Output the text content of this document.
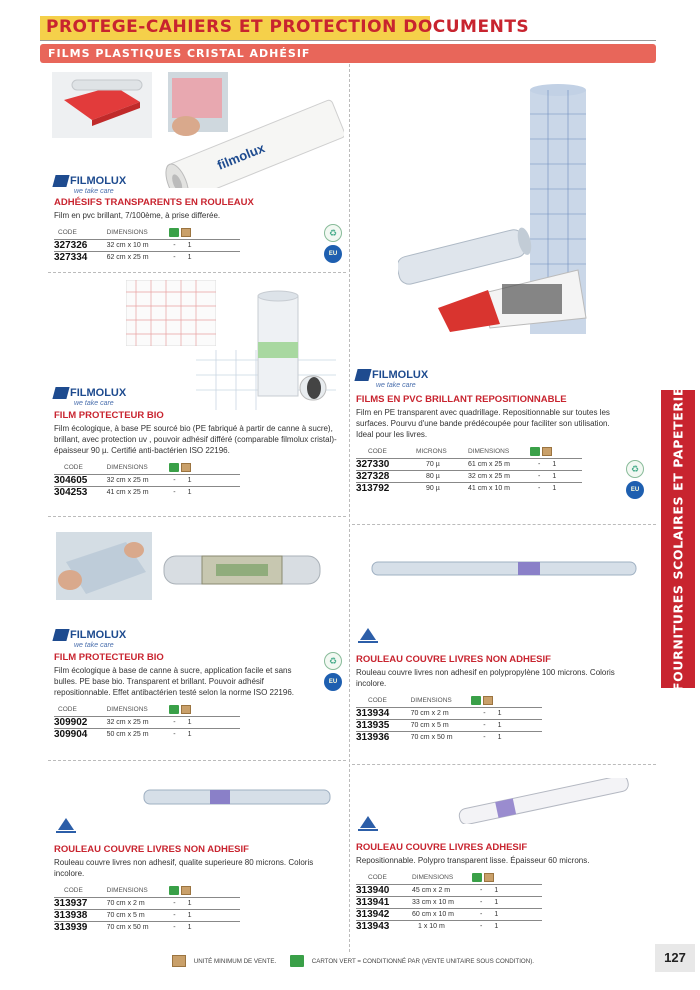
PROTEGE-CAHIERS ET PROTECTION DOCUMENTS
FILMS PLASTIQUES CRISTAL ADHÉSIF
filmolux
FILMOLUX
we take care
ADHÉSIFS TRANSPARENTS EN ROULEAUX
Film en pvc brillant, 7/100ème, à prise differée.
CODE	DIMENSIONS	
327326	32 cm x 10 m	- 1
327334	62 cm x 25 m	- 1
♻
EU
FILMOLUX
we take care
FILM PROTECTEUR BIO
Film écologique, à base PE sourcé bio (PE fabriqué à partir de canne à sucre), brillant, avec protection uv , pouvoir adhésif différé (comparable filmolux cristal)-épaisseur 90 µ. Certifié anti-bactérien ISO 22196.
CODE	DIMENSIONS	
304605	32 cm x 25 m	- 1
304253	41 cm x 25 m	- 1
FILMOLUX
we take care
FILM PROTECTEUR BIO
Film écologique à base de canne à sucre, application facile et sans bulles. PE base bio. Transparent et brillant. Pouvoir adhésif repositionnable. Effet antibactérien testé selon la norme ISO 22196.
CODE	DIMENSIONS	
309902	32 cm x 25 m	- 1
309904	50 cm x 25 m	- 1
♻
EU
ROULEAU COUVRE LIVRES NON ADHESIF
Rouleau couvre livres non adhesif, qualite superieure 80 microns. Coloris incolore.
CODE	DIMENSIONS	
313937	70 cm x 2 m	- 1
313938	70 cm x 5 m	- 1
313939	70 cm x 50 m	- 1
FILMOLUX
we take care
FILMS EN PVC BRILLANT REPOSITIONNABLE
Film en PE transparent avec quadrillage. Repositionnable sur toutes les surfaces. Pourvu d'une bande prédécoupée pour faciliter son utilisation. Ideal pour les livres.
CODE	MICRONS	DIMENSIONS	
327330	70 µ	61 cm x 25 m	- 1
327328	80 µ	32 cm x 25 m	- 1
313792	90 µ	41 cm x 10 m	- 1
♻
EU
ROULEAU COUVRE LIVRES NON ADHESIF
Rouleau couvre livres non adhesif en polypropylène 100 microns. Coloris incolore.
CODE	DIMENSIONS	
313934	70 cm x 2 m	- 1
313935	70 cm x 5 m	- 1
313936	70 cm x 50 m	- 1
ROULEAU COUVRE LIVRES ADHESIF
Repositionnable. Polypro transparent lisse. Épaisseur 60 microns.
CODE	DIMENSIONS	
313940	45 cm x 2 m	- 1
313941	33 cm x 10 m	- 1
313942	60 cm x 10 m	- 1
313943	1 x 10 m	- 1
FOURNITURES SCOLAIRES ET PAPETERIE
UNITÉ MINIMUM DE VENTE.	CARTON VERT = CONDITIONNÉ PAR (VENTE UNITAIRE SOUS CONDITION).	127
